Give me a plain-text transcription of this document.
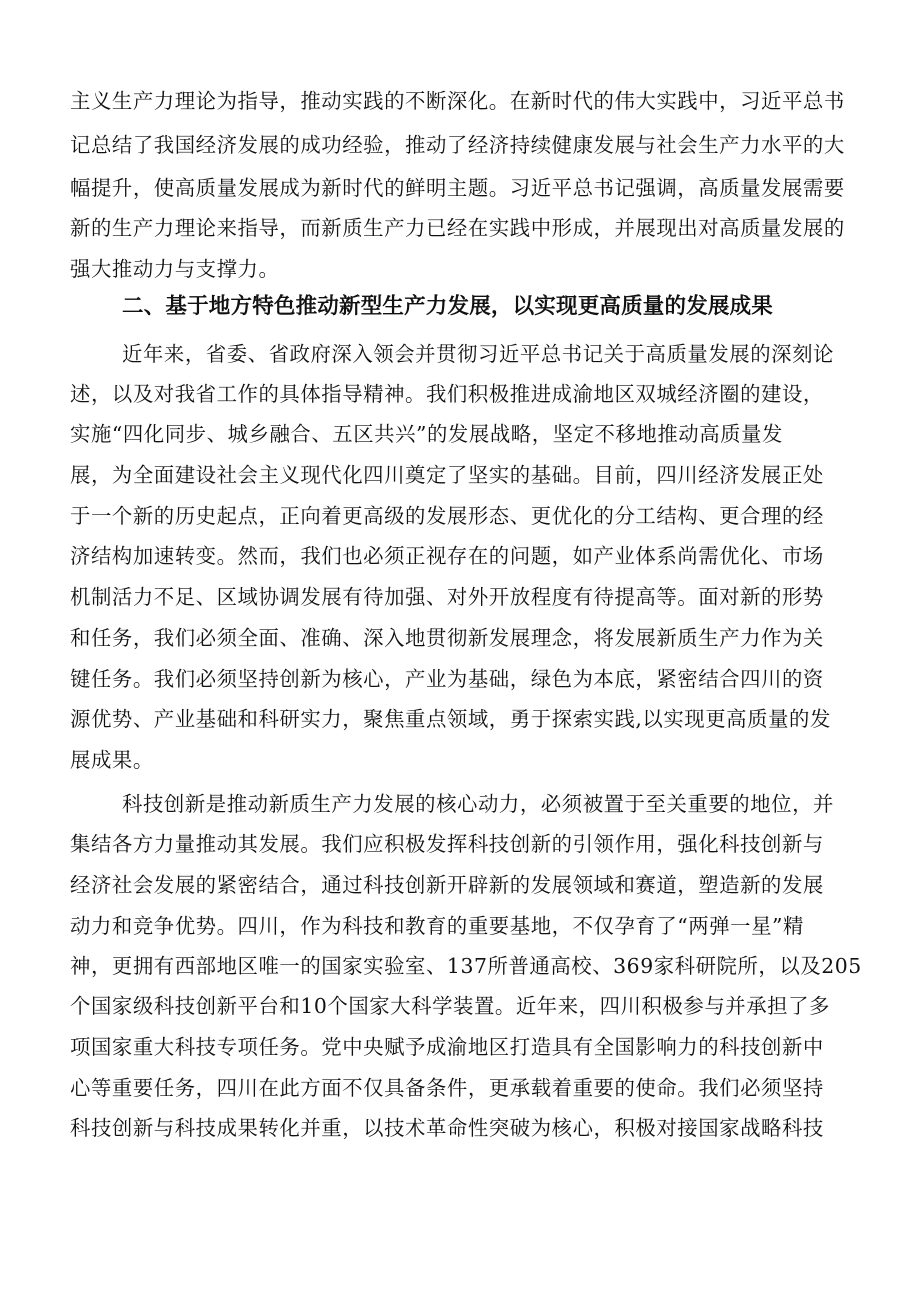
主义生产力理论为指导，推动实践的不断深化。在新时代的伟大实践中，习近平总书
记总结了我国经济发展的成功经验，推动了经济持续健康发展与社会生产力水平的大
幅提升，使高质量发展成为新时代的鲜明主题。习近平总书记强调，高质量发展需要
新的生产力理论来指导，而新质生产力已经在实践中形成，并展现出对高质量发展的
强大推动力与支撑力。
二、基于地方特色推动新型生产力发展，以实现更高质量的发展成果
近年来，省委、省政府深入领会并贯彻习近平总书记关于高质量发展的深刻论
述，以及对我省工作的具体指导精神。我们积极推进成渝地区双城经济圈的建设，
实施“四化同步、城乡融合、五区共兴”的发展战略，坚定不移地推动高质量发
展，为全面建设社会主义现代化四川奠定了坚实的基础。目前，四川经济发展正处
于一个新的历史起点，正向着更高级的发展形态、更优化的分工结构、更合理的经
济结构加速转变。然而，我们也必须正视存在的问题，如产业体系尚需优化、市场
机制活力不足、区域协调发展有待加强、对外开放程度有待提高等。面对新的形势
和任务，我们必须全面、准确、深入地贯彻新发展理念，将发展新质生产力作为关
键任务。我们必须坚持创新为核心，产业为基础，绿色为本底，紧密结合四川的资
源优势、产业基础和科研实力，聚焦重点领域，勇于探索实践,以实现更高质量的发
展成果。
科技创新是推动新质生产力发展的核心动力，必须被置于至关重要的地位，并
集结各方力量推动其发展。我们应积极发挥科技创新的引领作用，强化科技创新与
经济社会发展的紧密结合，通过科技创新开辟新的发展领域和赛道，塑造新的发展
动力和竞争优势。四川，作为科技和教育的重要基地，不仅孕育了“两弹一星”精
神，更拥有西部地区唯一的国家实验室、137所普通高校、369家科研院所，以及205
个国家级科技创新平台和10个国家大科学装置。近年来，四川积极参与并承担了多
项国家重大科技专项任务。党中央赋予成渝地区打造具有全国影响力的科技创新中
心等重要任务，四川在此方面不仅具备条件，更承载着重要的使命。我们必须坚持
科技创新与科技成果转化并重，以技术革命性突破为核心，积极对接国家战略科技
